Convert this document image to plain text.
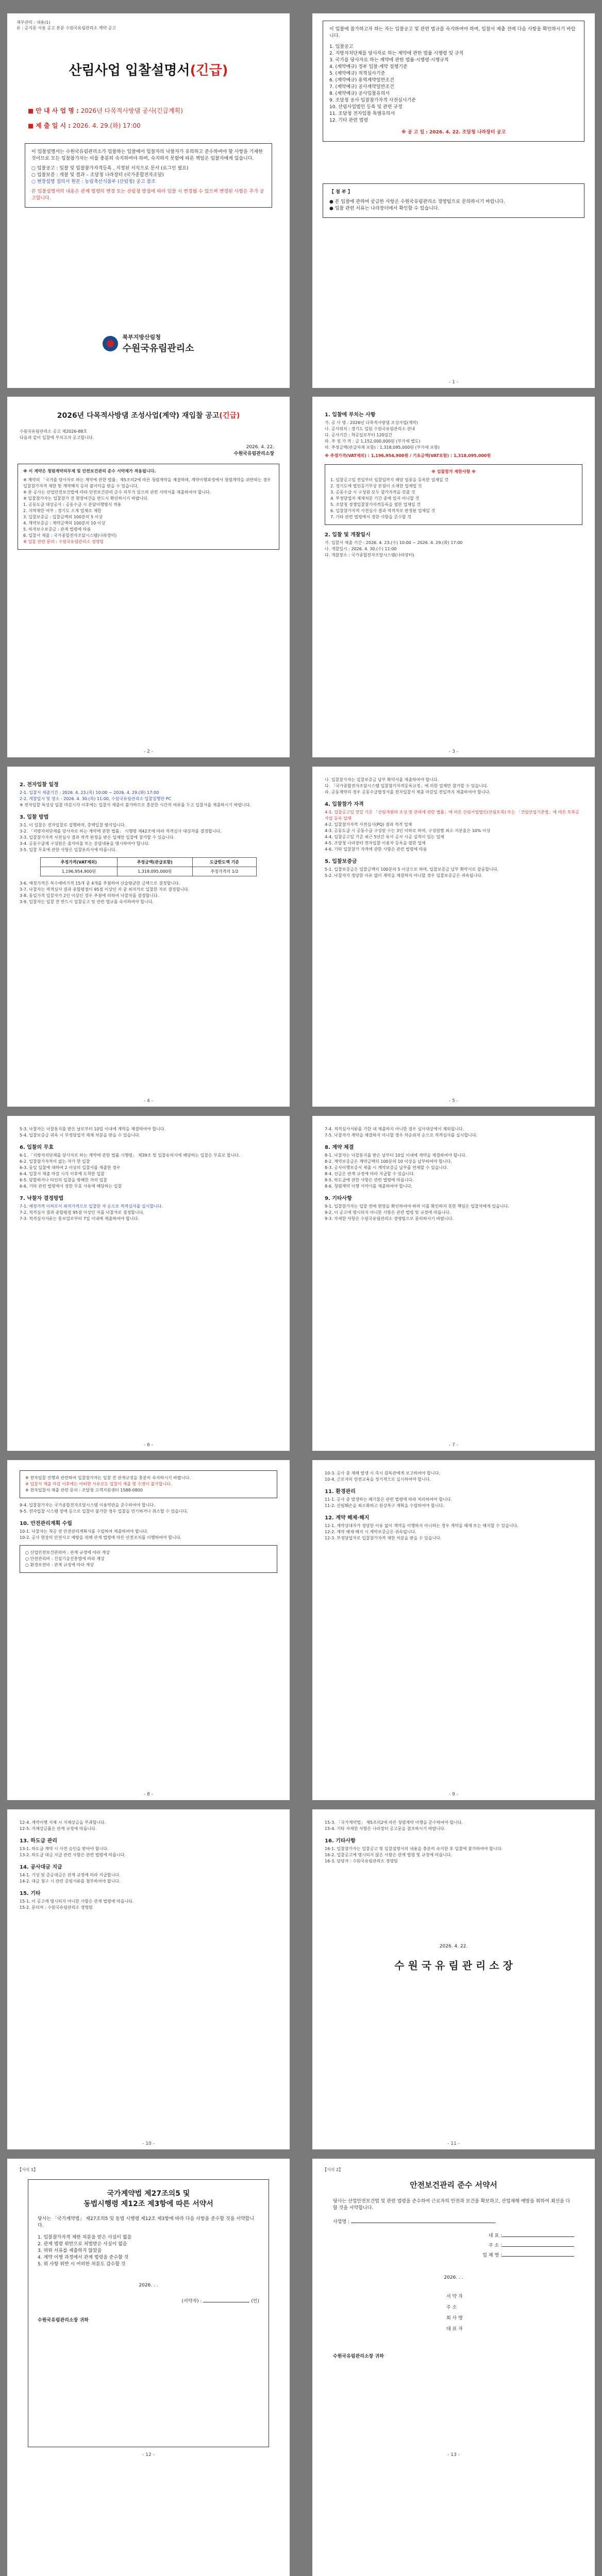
재무관리 : 내용(1)
유 : 공지문 사용 공고 본문 수원국유림관리소 계약 공고
산림사업 입찰설명서(긴급)
■ 안 내 사 업 명 : 2026년 다목적사방댐 공사(긴급계획)
■ 제 출 일 시 : 2026. 4. 29.(화) 17:00
이 입찰설명서는 수원국유림관리소가 입찰하는 입찰에서 입찰자의 낙찰자가 유의하고 준수하여야 할 사항을 기재한 것이므로 모든 입찰참가자는 이를 충분히 숙지하여야 하며, 숙지하지 못함에 따른 책임은 입찰자에게 있습니다.
○ 입찰공고 : 입찰 및 입찰참가자격등록 , 지정된 서식으로 문서 (로그인 필요)
○ 입찰보증 : 개찰 및 결과 – 조달청 나라장터 (국가종합전자조달)
○ 현장설명 질의서 원본 : 농림축산식품부 (산림청) 공고 참조
본 입찰설명서의 내용은 관계 법령의 변경 또는 산림청 방침에 따라 입찰 시 변경될 수 있으며 변경된 사항은 추가 공고합니다.
북부지방산림청
수원국유림관리소
이 입찰에 참가하고자 하는 자는 입찰공고 및 관련 법규를 숙지하여야 하며, 입찰서 제출 전에 다음 사항을 확인하시기 바랍니다.
1. 입찰공고
2. 지방자치단체를 당사자로 하는 계약에 관한 법률 시행령 및 규칙
3. 국가를 당사자로 하는 계약에 관한 법률·시행령·시행규칙
4. (계약예규) 정부 입찰·계약 집행기준
5. (계약예규) 적격심사기준
6. (계약예규) 용역계약일반조건
7. (계약예규) 공사계약일반조건
8. (계약예규) 공사입찰유의서
9. 조달청 공사 입찰참가자격 사전심사기준
10. 산림사업법인 등록 및 관련 규정
11. 조달청 전자입찰 특별유의서
12. 기타 관련 법령
※ 공 고 일 : 2026. 4. 22. 조달청 나라장터 공고
【 첨 부 】
● 본 입찰에 관하여 궁금한 사항은 수원국유림관리소 경영팀으로 문의하시기 바랍니다.
● 입찰 관련 서류는 나라장터에서 확인할 수 있습니다.
- 1 -
2026년 다목적사방댐 조성사업(계약) 재입찰 공고(긴급)
수원국유림관리소 공고 제2026-88호
다음과 같이 입찰에 부치고자 공고합니다.
2026. 4. 22.
수원국유림관리소장
※ 이 계약은 청렴계약의무제 및 안전보건관리 준수 서약제가 적용됩니다.
※ 계약의 「국가를 당사자로 하는 계약에 관한 법률」제5조의2에 따른 청렴계약을 체결하며, 계약이행과정에서 청렴계약을 위반하는 경우 입찰참가자격 제한 및 계약해지 등의 불이익을 받을 수 있습니다.
※ 본 공사는 산업안전보건법에 따라 안전보건관리 준수 의무가 있으며 관련 서약서를 제출하여야 합니다.
※ 입찰참가자는 입찰참가 전 현장여건을 반드시 확인하시기 바랍니다.
1. 공동도급 대상공사 : 공동수급 시 분담이행방식 적용
2. 지역제한 여부 : 경기도 소재 업체로 제한
3. 입찰보증금 : 입찰금액의 100분의 5 이상
4. 계약보증금 : 계약금액의 100분의 10 이상
5. 하자보수보증금 : 관계 법령에 따름
6. 입찰서 제출 : 국가종합전자조달시스템(나라장터)
※ 입찰 관련 문의 : 수원국유림관리소 경영팀
- 2 -
1. 입찰에 부치는 사항
가. 공 사 명 : 2026년 다목적사방댐 조성사업(계약)
나. 공사위치 : 경기도 일원 수원국유림관리소 관내
다. 공사기간 : 착공일로부터 120일간
라. 추 정 가 격 : 금 1,152,000,000원 (부가세 별도)
마. 추정금액(관급자재 포함) : 1,318,095,000원 (부가세 포함)
※ 추정가격(VAT제외) : 1,196,954,900원 / 기초금액(VAT포함) : 1,318,095,000원
※ 입찰참가 제한사항 ※
1. 입찰공고일 전일부터 입찰일까지 해당 업종을 등록한 업체일 것
2. 경기도에 법인등기부상 본점이 소재한 업체일 것
3. 공동수급 시 구성원 모두 참가자격을 갖출 것
4. 부정당업자 제재처분 기간 중에 있지 아니할 것
5. 조달청 경쟁입찰참가자격등록을 필한 업체일 것
6. 입찰참가자격 사전심사 결과 적격자로 판정된 업체일 것
7. 기타 관련 법령에서 정한 사항을 준수할 것
2. 입찰 및 개찰일시
가. 입찰서 제출 기간 : 2026. 4. 23.(수) 10:00 ~ 2026. 4. 29.(화) 17:00
나. 개찰일시 : 2026. 4. 30.(수) 11:00
다. 개찰장소 : 국가종합전자조달시스템(나라장터)
- 3 -
2. 전자입찰 일정
2-1. 입찰서 제출기간 : 2026. 4. 23.(목) 10:00 ~ 2026. 4. 29.(화) 17:00
2-2. 개찰일시 및 장소 : 2026. 4. 30.(목) 11:00, 수원국유림관리소 입찰집행관 PC
※ 전자입찰 특성상 입찰 마감시각 이후에는 입찰서 제출이 불가하므로 충분한 시간적 여유를 두고 입찰서를 제출하시기 바랍니다.
3. 입찰 방법
3-1. 이 입찰은 전자입찰로 집행하며, 총액입찰 방식입니다.
3-2. 「지방자치단체를 당사자로 하는 계약에 관한 법률」 시행령 제42조에 따라 적격심사 대상자를 결정합니다.
3-3. 입찰참가자격 사전심사 결과 적격 판정을 받은 업체만 입찰에 참가할 수 있습니다.
3-4. 공동수급체 구성원은 출자비율 또는 분담내용을 명시하여야 합니다.
3-5. 입찰 무효에 관한 사항은 입찰유의서에 따릅니다.
추정가격(VAT제외)	추정금액(관급포함)	도급한도액 기준
1,196,954,900원	1,318,095,000원	추정가격의 1/2
3-6. 예정가격은 복수예비가격 15개 중 4개를 추첨하여 산술평균한 금액으로 결정합니다.
3-7. 낙찰자는 적격심사 결과 종합평점이 95점 이상인 자 중 최저가로 입찰한 자로 결정합니다.
3-8. 동일가격 입찰자가 2인 이상인 경우 추첨에 의하여 낙찰자를 결정합니다.
3-9. 입찰자는 입찰 전 반드시 입찰공고 및 관련 법규를 숙지하여야 합니다.
- 4 -
나. 입찰참가자는 입찰보증금 납부 확약서를 제출하여야 합니다.
다. 「국가종합전자조달시스템 입찰참가자격등록규정」에 의한 업체만 참가할 수 있습니다.
라. 공동계약의 경우 공동수급협정서를 전자입찰서 제출 마감일 전일까지 제출하여야 합니다.
4. 입찰참가 자격
4-1. 입찰공고일 전일 기준 「산림자원의 조성 및 관리에 관한 법률」에 따른 산림사업법인(산림토목) 또는 「건설산업기본법」에 따른 토목공사업 등록 업체
4-2. 입찰참가자격 사전심사(PQ) 결과 적격 업체
4-3. 공동도급 시 공동수급 구성원 수는 3인 이하로 하며, 구성원별 최소 지분율은 10% 이상
4-4. 입찰공고일 기준 최근 5년간 유사 공사 시공 실적이 있는 업체
4-5. 조달청 나라장터 전자입찰 이용자 등록을 필한 업체
4-6. 기타 입찰참가 자격에 관한 사항은 관련 법령에 따름
5. 입찰보증금
5-1. 입찰보증금은 입찰금액의 100분의 5 이상으로 하며, 입찰보증금 납부 확약서로 갈음합니다.
5-2. 낙찰자가 정당한 이유 없이 계약을 체결하지 아니할 경우 입찰보증금은 귀속됩니다.
- 5 -
5-3. 낙찰자는 낙찰통지를 받은 날로부터 10일 이내에 계약을 체결하여야 합니다.
5-4. 입찰보증금 귀속 시 부정당업자 제재 처분을 받을 수 있습니다.
6. 입찰의 무효
6-1. 「지방자치단체를 당사자로 하는 계약에 관한 법률 시행령」 제39조 및 입찰유의서에 해당하는 입찰은 무효로 합니다.
6-2. 입찰참가자격이 없는 자가 한 입찰
6-3. 동일 입찰에 대하여 2 이상의 입찰서를 제출한 경우
6-4. 입찰서 제출 마감 시각 이후에 도착한 입찰
6-5. 담합하거나 타인의 입찰을 방해한 자의 입찰
6-6. 기타 관련 법령에서 정한 무효 사유에 해당하는 입찰
7. 낙찰자 결정방법
7-1. 예정가격 이하로서 최저가격으로 입찰한 자 순으로 적격심사를 실시합니다.
7-2. 적격심사 결과 종합평점 95점 이상인 자를 낙찰자로 결정합니다.
7-3. 적격심사서류는 통보일로부터 7일 이내에 제출하여야 합니다.
- 6 -
7-4. 적격심사서류를 기한 내 제출하지 아니한 경우 심사대상에서 제외됩니다.
7-5. 낙찰자가 계약을 체결하지 아니할 경우 차순위자 순으로 적격심사를 실시합니다.
8. 계약 체결
8-1. 낙찰자는 낙찰통지를 받은 날부터 10일 이내에 계약을 체결하여야 합니다.
8-2. 계약보증금은 계약금액의 100분의 10 이상을 납부하여야 합니다.
8-3. 공사이행보증서 제출 시 계약보증금 납부를 면제할 수 있습니다.
8-4. 선금은 관계 규정에 따라 지급할 수 있습니다.
8-5. 하도급에 관한 사항은 관련 법령에 따릅니다.
8-6. 청렴계약 이행 서약서를 제출하여야 합니다.
9. 기타사항
9-1. 입찰참가자는 입찰 전에 현장을 확인하여야 하며 이를 확인하지 못한 책임은 입찰자에게 있습니다.
9-2. 이 공고에 명시되지 아니한 사항은 관련 법령 및 규정에 따릅니다.
9-3. 자세한 사항은 수원국유림관리소 경영팀으로 문의하시기 바랍니다.
- 7 -
※ 전자입찰 진행과 관련하여 입찰참가자는 입찰 전 관계규정을 충분히 숙지하시기 바랍니다.
※ 입찰서 제출 마감 이후에는 어떠한 사유로도 입찰서 제출 및 수정이 불가합니다.
※ 전자입찰서 제출 관련 문의 : 조달청 고객지원센터 1588-0800
9-4. 입찰참가자는 국가종합전자조달시스템 이용약관을 준수하여야 합니다.
9-5. 전자입찰 시스템 장애 등으로 입찰이 불가한 경우 입찰을 연기하거나 취소할 수 있습니다.
10. 안전관리계획 수립
10-1. 낙찰자는 착공 전 안전관리계획서를 수립하여 제출하여야 합니다.
10-2. 공사 현장의 안전사고 예방을 위해 관계 법령에 따른 안전조치를 이행하여야 합니다.
○ 산업안전보건관리비 : 관계 규정에 따라 계상
○ 안전관리비 : 건설기술진흥법에 따라 계상
○ 환경보전비 : 관계 규정에 따라 계상
- 8 -
10-3. 공사 중 재해 발생 시 즉시 감독관에게 보고하여야 합니다.
10-4. 근로자의 안전교육을 정기적으로 실시하여야 합니다.
11. 환경관리
11-1. 공사 중 발생하는 폐기물은 관련 법령에 따라 처리하여야 합니다.
11-2. 산림훼손을 최소화하고 원상복구 계획을 수립하여야 합니다.
12. 계약 해제·해지
12-1. 계약상대자가 정당한 이유 없이 계약을 이행하지 아니하는 경우 계약을 해제 또는 해지할 수 있습니다.
12-2. 계약 해제·해지 시 계약보증금은 귀속됩니다.
12-3. 부정당업자로 입찰참가자격 제한 처분을 받을 수 있습니다.
- 9 -
12-4. 계약이행 지체 시 지체상금을 부과합니다.
12-5. 지체상금률은 관계 규정에 따릅니다.
13. 하도급 관리
13-1. 하도급 계약 시 사전 승인을 받아야 합니다.
13-2. 하도급 대금 지급 관련 사항은 관련 법령에 따릅니다.
14. 공사대금 지급
14-1. 기성 및 준공대금은 관계 규정에 따라 지급합니다.
14-2. 대금 청구 시 관련 증빙서류를 첨부하여야 합니다.
15. 기타
15-1. 이 공고에 명시되지 아니한 사항은 관계 법령에 따릅니다.
15-2. 문의처 : 수원국유림관리소 경영팀
- 10 -
15-3. 「국가계약법」 제5조의2에 따른 청렴계약 이행을 준수하여야 합니다.
15-4. 기타 자세한 사항은 나라장터 공고문을 참조하시기 바랍니다.
16. 기타사항
16-1. 입찰참가자는 입찰공고 및 입찰설명서의 내용을 충분히 숙지한 후 입찰에 참가하여야 합니다.
16-2. 입찰공고에 명시되지 않은 사항은 관계 법령 및 규정에 따릅니다.
16-3. 담당자 : 수원국유림관리소 경영팀
2026. 4. 22.
수 원 국 유 림 관 리 소 장
- 11 -
【서식 1】
국가계약법 제27조의5 및
동법시행령 제12조 제3항에 따른 서약서
당사는 「국가계약법」 제27조의5 및 동법 시행령 제12조 제3항에 따라 다음 사항을 준수할 것을 서약합니다.
1. 입찰참가자격 제한 처분을 받은 사실이 없음
2. 관계 법령 위반으로 처벌받은 사실이 없음
3. 허위 서류를 제출하지 않았음
4. 계약 이행 과정에서 관계 법령을 준수할 것
5. 위 사항 위반 시 어떠한 처분도 감수할 것
2026. . .
(서약자) :	(인)
수원국유림관리소장 귀하
- 12 -
【서식 2】
안전보건관리 준수 서약서
당사는 산업안전보건법 및 관련 법령을 준수하여 근로자의 안전과 보건을 확보하고, 산업재해 예방을 위하여 최선을 다할 것을 서약합니다.
사업명 :
대 표 :
주 소 :
업 체 명 :
2026. . .
서 약 자
주 소
회 사 명
대 표 자
수원국유림관리소장 귀하
- 13 -
